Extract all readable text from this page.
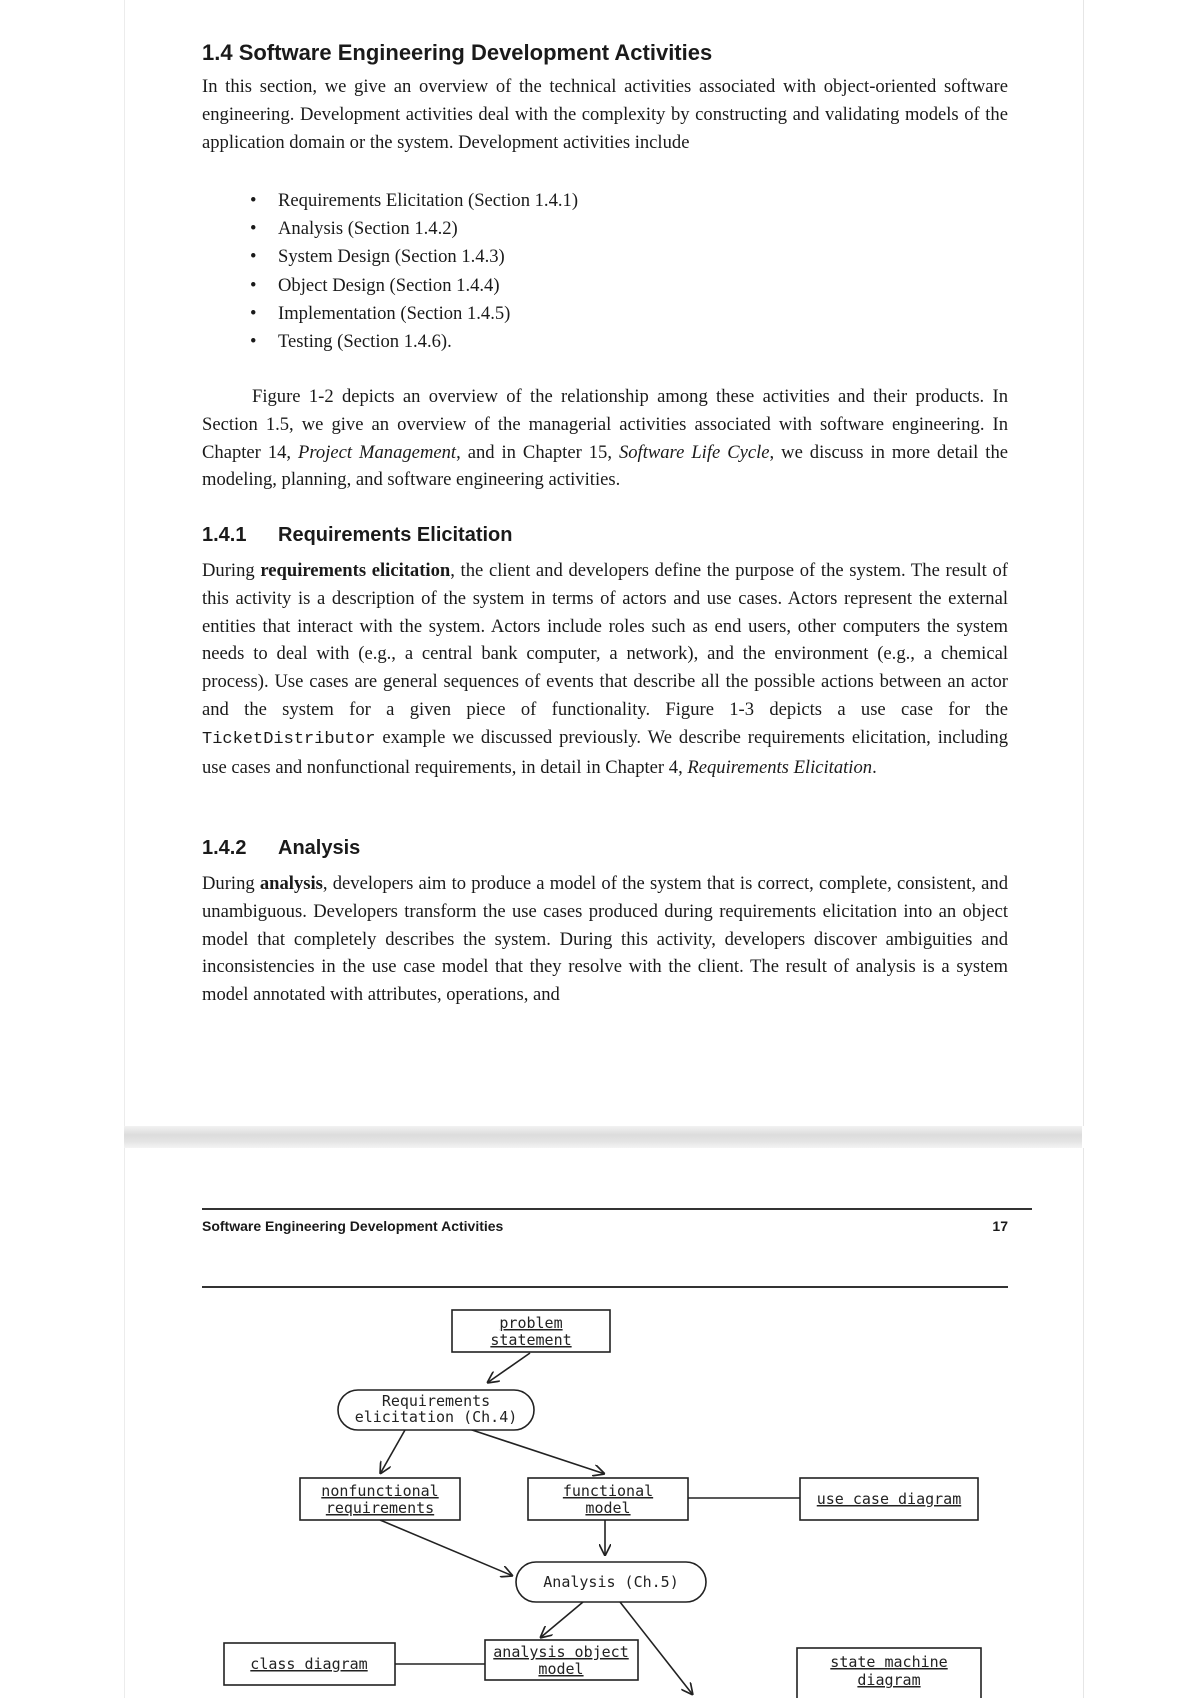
1.4 Software Engineering Development Activities

In this section, we give an overview of the technical activities associated with object-oriented software engineering. Development activities deal with the complexity by constructing and validating models of the application domain or the system. Development activities include

• Requirements Elicitation (Section 1.4.1)
• Analysis (Section 1.4.2)
• System Design (Section 1.4.3)
• Object Design (Section 1.4.4)
• Implementation (Section 1.4.5)
• Testing (Section 1.4.6).

Figure 1-2 depicts an overview of the relationship among these activities and their products. In Section 1.5, we give an overview of the managerial activities associated with software engineering. In Chapter 14, Project Management, and in Chapter 15, Software Life Cycle, we discuss in more detail the modeling, planning, and software engineering activities.

1.4.1 Requirements Elicitation

During requirements elicitation, the client and developers define the purpose of the system. The result of this activity is a description of the system in terms of actors and use cases. Actors represent the external entities that interact with the system. Actors include roles such as end users, other computers the system needs to deal with (e.g., a central bank computer, a network), and the environment (e.g., a chemical process). Use cases are general sequences of events that describe all the possible actions between an actor and the system for a given piece of functionality. Figure 1-3 depicts a use case for the TicketDistributor example we discussed previously. We describe requirements elicitation, including use cases and nonfunctional requirements, in detail in Chapter 4, Requirements Elicitation.

1.4.2 Analysis

During analysis, developers aim to produce a model of the system that is correct, complete, consistent, and unambiguous. Developers transform the use cases produced during requirements elicitation into an object model that completely describes the system. During this activity, developers discover ambiguities and inconsistencies in the use case model that they resolve with the client. The result of analysis is a system model annotated with attributes, operations, and

Software Engineering Development Activities	17
problem
statement
Requirements
elicitation (Ch.4)
nonfunctional
requirements
functional
model	use case diagram
Analysis (Ch.5)
class diagram
analysis object
model	state machine
diagram
